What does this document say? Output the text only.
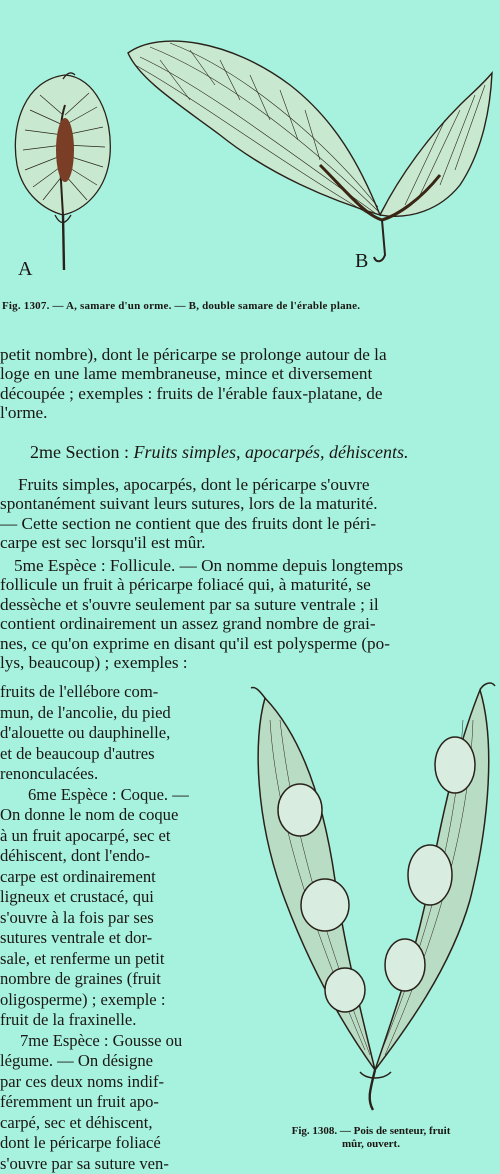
A	B
Fig. 1307. — A, samare d'un orme. — B, double samare de l'érable plane.
petit nombre), dont le péricarpe se prolonge autour de la
loge en une lame membraneuse, mince et diversement
découpée ; exemples : fruits de l'érable faux-platane, de
l'orme.
2me Section : Fruits simples, apocarpés, déhiscents.
Fruits simples, apocarpés, dont le péricarpe s'ouvre
spontanément suivant leurs sutures, lors de la maturité.
— Cette section ne contient que des fruits dont le péri-
carpe est sec lorsqu'il est mûr.
5me Espèce : Follicule. — On nomme depuis longtemps
follicule un fruit à péricarpe foliacé qui, à maturité, se
dessèche et s'ouvre seulement par sa suture ventrale ; il
contient ordinairement un assez grand nombre de grai-
nes, ce qu'on exprime en disant qu'il est polysperme (po-
lys, beaucoup) ; exemples :
fruits de l'ellébore com-
mun, de l'ancolie, du pied
d'alouette ou dauphinelle,
et de beaucoup d'autres
renonculacées.
6me Espèce : Coque. —
On donne le nom de coque
à un fruit apocarpé, sec et
déhiscent, dont l'endo-
carpe est ordinairement
ligneux et crustacé, qui
s'ouvre à la fois par ses
sutures ventrale et dor-
sale, et renferme un petit
nombre de graines (fruit
oligosperme) ; exemple :
fruit de la fraxinelle.
7me Espèce : Gousse ou
légume. — On désigne
par ces deux noms indif-
féremment un fruit apo-
carpé, sec et déhiscent,
dont le péricarpe foliacé
s'ouvre par sa suture ven-
Fig. 1308. — Pois de senteur, fruit
mûr, ouvert.
